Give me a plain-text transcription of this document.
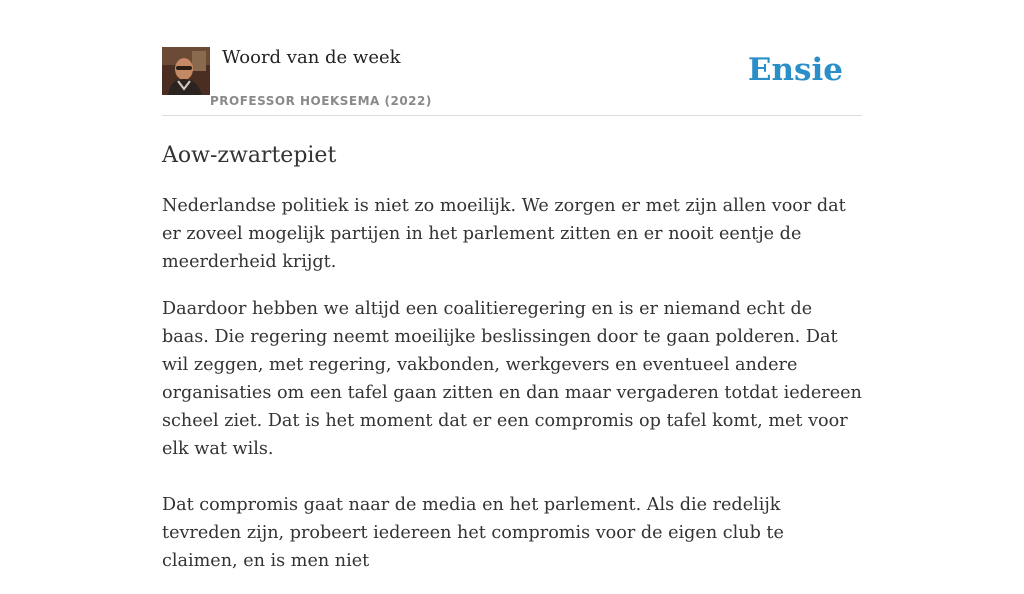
Woord van de week
PROFESSOR HOEKSEMA (2022)
Ensie
Aow-zwartepiet

Nederlandse politiek is niet zo moeilijk. We zorgen er met zijn allen voor dat er zoveel mogelijk partijen in het parlement zitten en er nooit eentje de meerderheid krijgt.

Daardoor hebben we altijd een coalitieregering en is er niemand echt de baas. Die regering neemt moeilijke beslissingen door te gaan polderen. Dat wil zeggen, met regering, vakbonden, werkgevers en eventueel andere organisaties om een tafel gaan zitten en dan maar vergaderen totdat iedereen scheel ziet. Dat is het moment dat er een compromis op tafel komt, met voor elk wat wils.

Dat compromis gaat naar de media en het parlement. Als die redelijk tevreden zijn, probeert iedereen het compromis voor de eigen club te claimen, en is men niet
